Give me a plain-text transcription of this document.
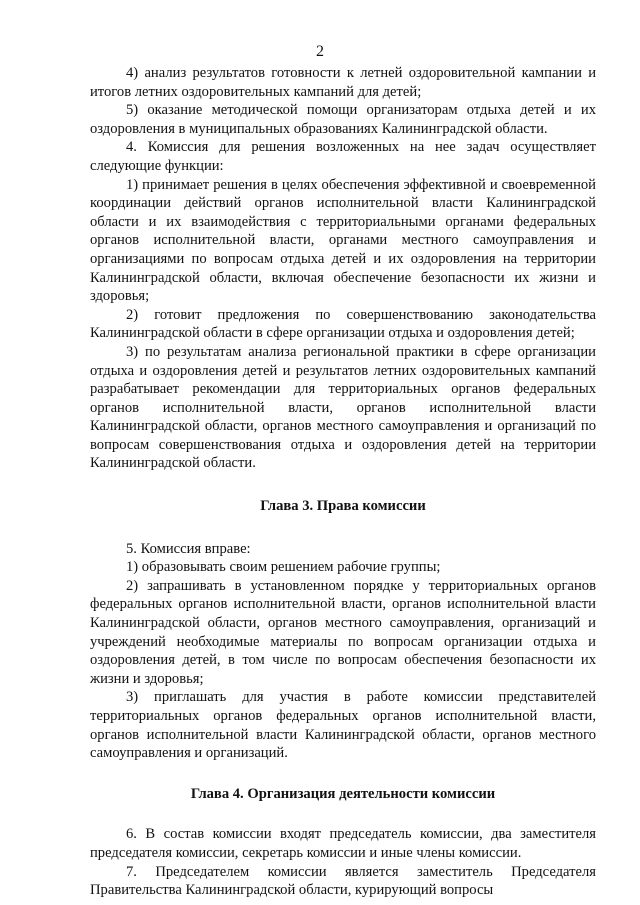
2

4) анализ результатов готовности к летней оздоровительной кампании и итогов летних оздоровительных кампаний для детей;

5) оказание методической помощи организаторам отдыха детей и их оздоровления в муниципальных образованиях Калининградской области.

4. Комиссия для решения возложенных на нее задач осуществляет следующие функции:

1) принимает решения в целях обеспечения эффективной и своевременной координации действий органов исполнительной власти Калининградской области и их взаимодействия с территориальными органами федеральных органов исполнительной власти, органами местного самоуправления и организациями по вопросам отдыха детей и их оздоровления на территории Калининградской области, включая обеспечение безопасности их жизни и здоровья;

2) готовит предложения по совершенствованию законодательства Калининградской области в сфере организации отдыха и оздоровления детей;

3) по результатам анализа региональной практики в сфере организации отдыха и оздоровления детей и результатов летних оздоровительных кампаний разрабатывает рекомендации для территориальных органов федеральных органов исполнительной власти, органов исполнительной власти Калининградской области, органов местного самоуправления и организаций по вопросам совершенствования отдыха и оздоровления детей на территории Калининградской области.

Глава 3. Права комиссии

5. Комиссия вправе:

1) образовывать своим решением рабочие группы;

2) запрашивать в установленном порядке у территориальных органов федеральных органов исполнительной власти, органов исполнительной власти Калининградской области, органов местного самоуправления, организаций и учреждений необходимые материалы по вопросам организации отдыха и оздоровления детей, в том числе по вопросам обеспечения безопасности их жизни и здоровья;

3) приглашать для участия в работе комиссии представителей территориальных органов федеральных органов исполнительной власти, органов исполнительной власти Калининградской области, органов местного самоуправления и организаций.

Глава 4. Организация деятельности комиссии

6. В состав комиссии входят председатель комиссии, два заместителя председателя комиссии, секретарь комиссии и иные члены комиссии.

7. Председателем комиссии является заместитель Председателя Правительства Калининградской области, курирующий вопросы
